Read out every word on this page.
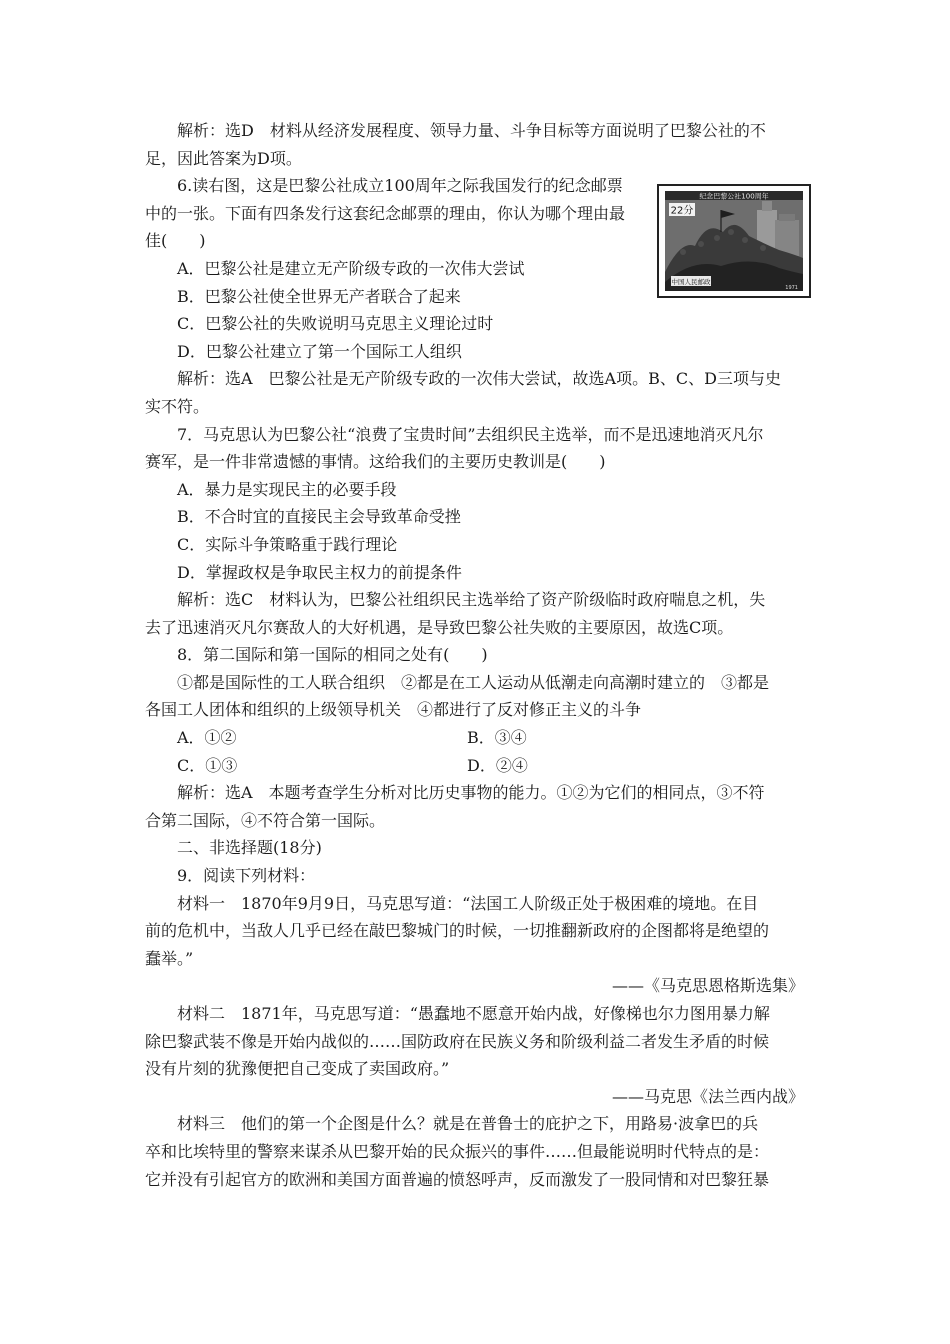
解析：选D　材料从经济发展程度、领导力量、斗争目标等方面说明了巴黎公社的不
足，因此答案为D项。
6.读右图，这是巴黎公社成立100周年之际我国发行的纪念邮票
中的一张。下面有四条发行这套纪念邮票的理由，你认为哪个理由最
佳(　　)
A．巴黎公社是建立无产阶级专政的一次伟大尝试
B．巴黎公社使全世界无产者联合了起来
C．巴黎公社的失败说明马克思主义理论过时
D．巴黎公社建立了第一个国际工人组织
解析：选A　巴黎公社是无产阶级专政的一次伟大尝试，故选A项。B、C、D三项与史
实不符。
7．马克思认为巴黎公社“浪费了宝贵时间”去组织民主选举，而不是迅速地消灭凡尔
赛军，是一件非常遗憾的事情。这给我们的主要历史教训是(　　)
A．暴力是实现民主的必要手段
B．不合时宜的直接民主会导致革命受挫
C．实际斗争策略重于践行理论
D．掌握政权是争取民主权力的前提条件
解析：选C　材料认为，巴黎公社组织民主选举给了资产阶级临时政府喘息之机，失
去了迅速消灭凡尔赛敌人的大好机遇，是导致巴黎公社失败的主要原因，故选C项。
8．第二国际和第一国际的相同之处有(　　)
①都是国际性的工人联合组织　②都是在工人运动从低潮走向高潮时建立的　③都是
各国工人团体和组织的上级领导机关　④都进行了反对修正主义的斗争
A．①②	B．③④
C．①③	D．②④
解析：选A　本题考查学生分析对比历史事物的能力。①②为它们的相同点，③不符
合第二国际，④不符合第一国际。
二、非选择题(18分)
9．阅读下列材料：
材料一　1870年9月9日，马克思写道：“法国工人阶级正处于极困难的境地。在目
前的危机中，当敌人几乎已经在敲巴黎城门的时候，一切推翻新政府的企图都将是绝望的
蠢举。”
——《马克思恩格斯选集》
材料二　1871年，马克思写道：“愚蠢地不愿意开始内战，好像梯也尔力图用暴力解
除巴黎武装不像是开始内战似的……国防政府在民族义务和阶级利益二者发生矛盾的时候
没有片刻的犹豫便把自己变成了卖国政府。”
——马克思《法兰西内战》
材料三　他们的第一个企图是什么？就是在普鲁士的庇护之下，用路易·波拿巴的兵
卒和比埃特里的警察来谋杀从巴黎开始的民众振兴的事件……但最能说明时代特点的是：
它并没有引起官方的欧洲和美国方面普遍的愤怒呼声，反而激发了一股同情和对巴黎狂暴
纪念巴黎公社100周年
22分
中国人民邮政
1971
